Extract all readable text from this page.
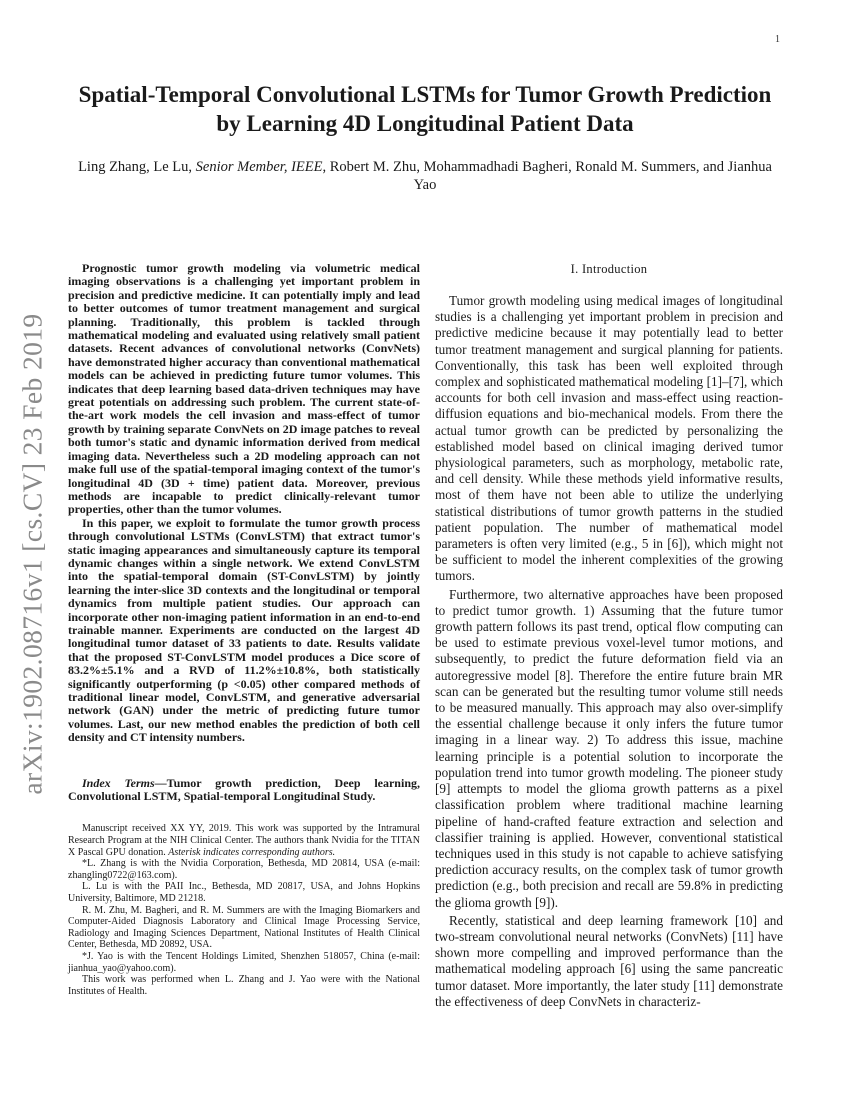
1
arXiv:1902.08716v1 [cs.CV] 23 Feb 2019
Spatial-Temporal Convolutional LSTMs for Tumor Growth Prediction by Learning 4D Longitudinal Patient Data
Ling Zhang, Le Lu, Senior Member, IEEE, Robert M. Zhu, Mohammadhadi Bagheri, Ronald M. Summers, and Jianhua Yao

Prognostic tumor growth modeling via volumetric medical imaging observations is a challenging yet important problem in precision and predictive medicine. It can potentially imply and lead to better outcomes of tumor treatment management and surgical planning. Traditionally, this problem is tackled through mathematical modeling and evaluated using relatively small patient datasets. Recent advances of convolutional networks (ConvNets) have demonstrated higher accuracy than conventional mathematical models can be achieved in predicting future tumor volumes. This indicates that deep learning based data-driven techniques may have great potentials on addressing such problem. The current state-of-the-art work models the cell invasion and mass-effect of tumor growth by training separate ConvNets on 2D image patches to reveal both tumor's static and dynamic information derived from medical imaging data. Nevertheless such a 2D modeling approach can not make full use of the spatial-temporal imaging context of the tumor's longitudinal 4D (3D + time) patient data. Moreover, previous methods are incapable to predict clinically-relevant tumor properties, other than the tumor volumes.

In this paper, we exploit to formulate the tumor growth process through convolutional LSTMs (ConvLSTM) that extract tumor's static imaging appearances and simultaneously capture its temporal dynamic changes within a single network. We extend ConvLSTM into the spatial-temporal domain (ST-ConvLSTM) by jointly learning the inter-slice 3D contexts and the longitudinal or temporal dynamics from multiple patient studies. Our approach can incorporate other non-imaging patient information in an end-to-end trainable manner. Experiments are conducted on the largest 4D longitudinal tumor dataset of 33 patients to date. Results validate that the proposed ST-ConvLSTM model produces a Dice score of 83.2%±5.1% and a RVD of 11.2%±10.8%, both statistically significantly outperforming (p <0.05) other compared methods of traditional linear model, ConvLSTM, and generative adversarial network (GAN) under the metric of predicting future tumor volumes. Last, our new method enables the prediction of both cell density and CT intensity numbers.

Index Terms—Tumor growth prediction, Deep learning, Convolutional LSTM, Spatial-temporal Longitudinal Study.

Manuscript received XX YY, 2019. This work was supported by the Intramural Research Program at the NIH Clinical Center. The authors thank Nvidia for the TITAN X Pascal GPU donation. Asterisk indicates corresponding authors.

*L. Zhang is with the Nvidia Corporation, Bethesda, MD 20814, USA (e-mail: zhangling0722@163.com).

L. Lu is with the PAII Inc., Bethesda, MD 20817, USA, and Johns Hopkins University, Baltimore, MD 21218.

R. M. Zhu, M. Bagheri, and R. M. Summers are with the Imaging Biomarkers and Computer-Aided Diagnosis Laboratory and Clinical Image Processing Service, Radiology and Imaging Sciences Department, National Institutes of Health Clinical Center, Bethesda, MD 20892, USA.

*J. Yao is with the Tencent Holdings Limited, Shenzhen 518057, China (e-mail: jianhua_yao@yahoo.com).

This work was performed when L. Zhang and J. Yao were with the National Institutes of Health.

I. Introduction

Tumor growth modeling using medical images of longitudinal studies is a challenging yet important problem in precision and predictive medicine because it may potentially lead to better tumor treatment management and surgical planning for patients. Conventionally, this task has been well exploited through complex and sophisticated mathematical modeling [1]–[7], which accounts for both cell invasion and mass-effect using reaction-diffusion equations and bio-mechanical models. From there the actual tumor growth can be predicted by personalizing the established model based on clinical imaging derived tumor physiological parameters, such as morphology, metabolic rate, and cell density. While these methods yield informative results, most of them have not been able to utilize the underlying statistical distributions of tumor growth patterns in the studied patient population. The number of mathematical model parameters is often very limited (e.g., 5 in [6]), which might not be sufficient to model the inherent complexities of the growing tumors.

Furthermore, two alternative approaches have been proposed to predict tumor growth. 1) Assuming that the future tumor growth pattern follows its past trend, optical flow computing can be used to estimate previous voxel-level tumor motions, and subsequently, to predict the future deformation field via an autoregressive model [8]. Therefore the entire future brain MR scan can be generated but the resulting tumor volume still needs to be measured manually. This approach may also over-simplify the essential challenge because it only infers the future tumor imaging in a linear way. 2) To address this issue, machine learning principle is a potential solution to incorporate the population trend into tumor growth modeling. The pioneer study [9] attempts to model the glioma growth patterns as a pixel classification problem where traditional machine learning pipeline of hand-crafted feature extraction and selection and classifier training is applied. However, conventional statistical techniques used in this study is not capable to achieve satisfying prediction accuracy results, on the complex task of tumor growth prediction (e.g., both precision and recall are 59.8% in predicting the glioma growth [9]).

Recently, statistical and deep learning framework [10] and two-stream convolutional neural networks (ConvNets) [11] have shown more compelling and improved performance than the mathematical modeling approach [6] using the same pancreatic tumor dataset. More importantly, the later study [11] demonstrate the effectiveness of deep ConvNets in characteriz-
